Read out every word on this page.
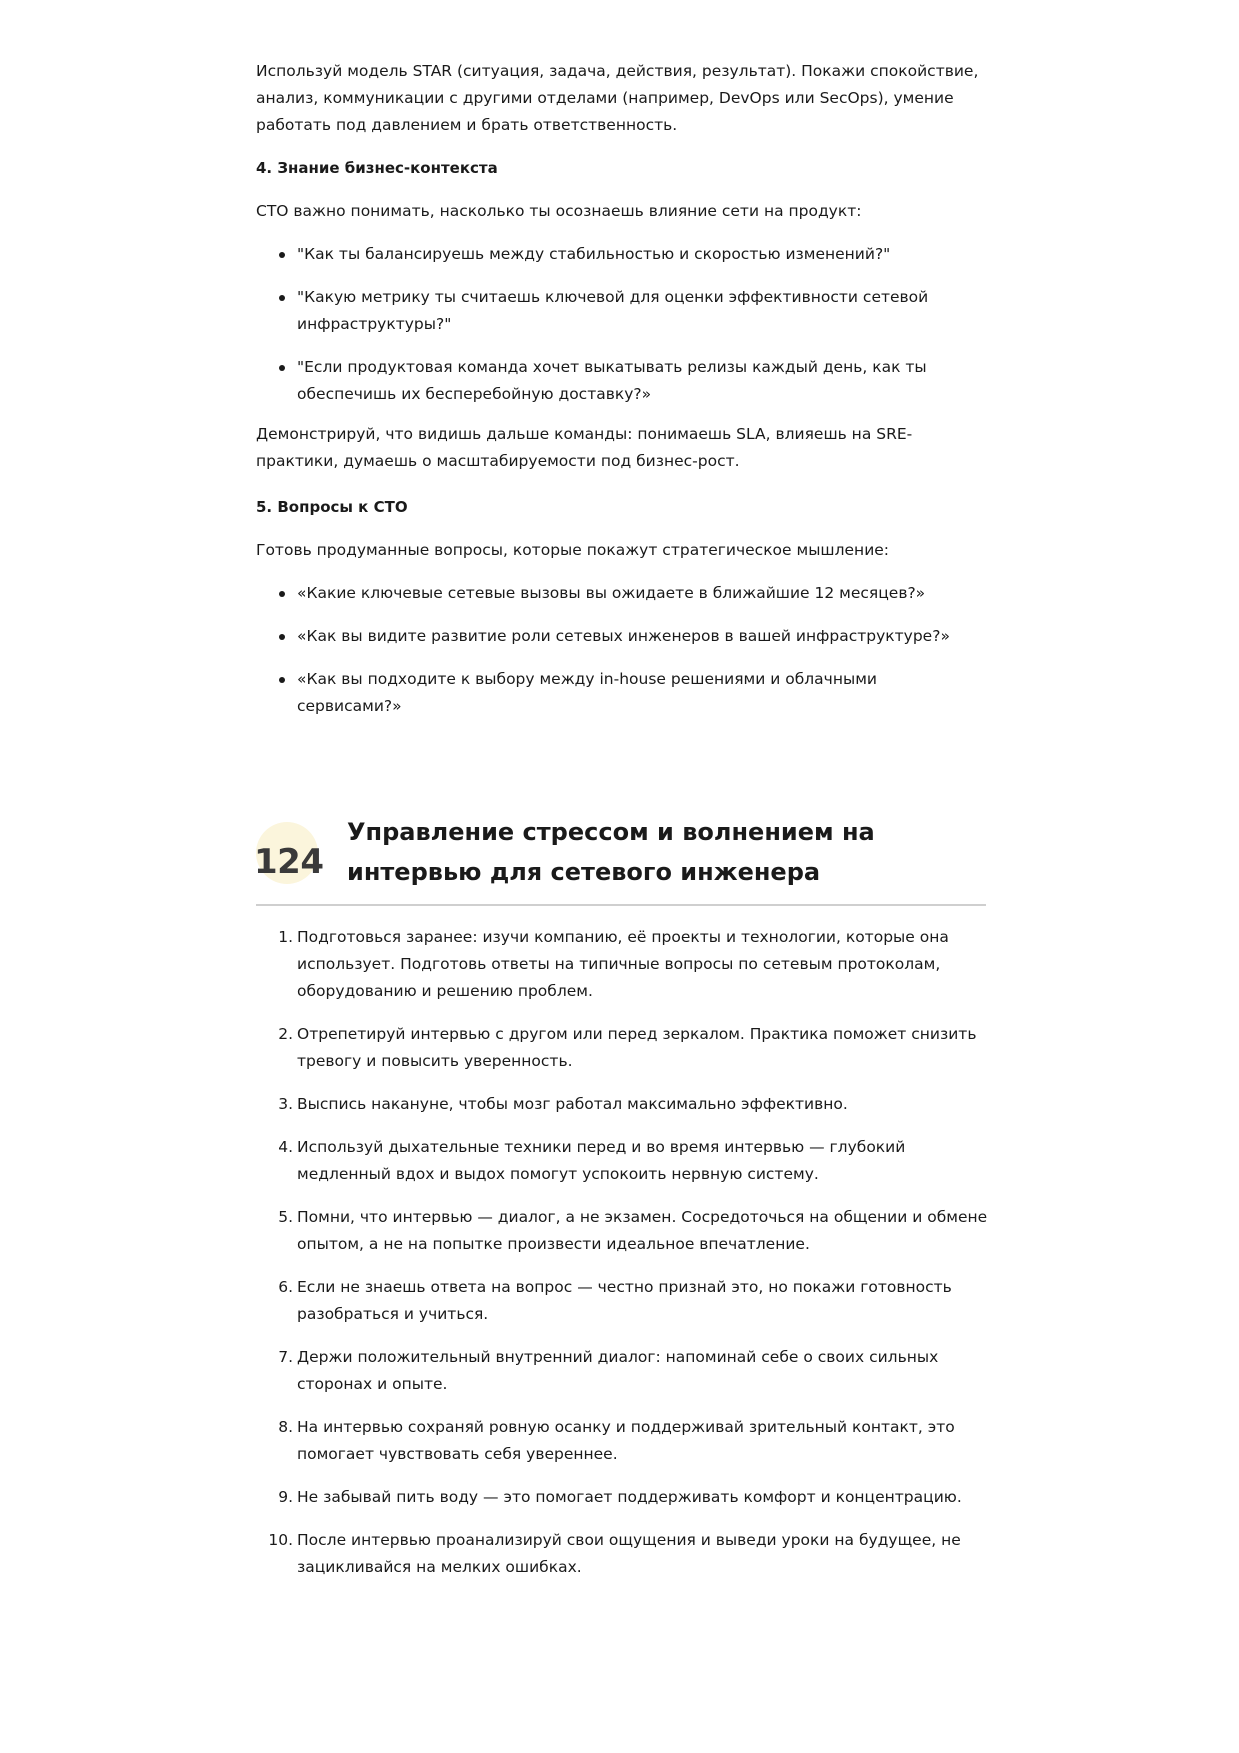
Используй модель STAR (ситуация, задача, действия, результат). Покажи спокойствие, анализ, коммуникации с другими отделами (например, DevOps или SecOps), умение работать под давлением и брать ответственность.

4. Знание бизнес-контекста

CTO важно понимать, насколько ты осознаешь влияние сети на продукт:

"Как ты балансируешь между стабильностью и скоростью изменений?"
"Какую метрику ты считаешь ключевой для оценки эффективности сетевой инфраструктуры?"
"Если продуктовая команда хочет выкатывать релизы каждый день, как ты обеспечишь их бесперебойную доставку?»

Демонстрируй, что видишь дальше команды: понимаешь SLA, влияешь на SRE-практики, думаешь о масштабируемости под бизнес-рост.

5. Вопросы к CTO

Готовь продуманные вопросы, которые покажут стратегическое мышление:

«Какие ключевые сетевые вызовы вы ожидаете в ближайшие 12 месяцев?»
«Как вы видите развитие роли сетевых инженеров в вашей инфраструктуре?»
«Как вы подходите к выбору между in-house решениями и облачными сервисами?»
124
Управление стрессом и волнением на интервью для сетевого инженера
1. Подготовься заранее: изучи компанию, её проекты и технологии, которые она использует. Подготовь ответы на типичные вопросы по сетевым протоколам, оборудованию и решению проблем.
2. Отрепетируй интервью с другом или перед зеркалом. Практика поможет снизить тревогу и повысить уверенность.
3. Выспись накануне, чтобы мозг работал максимально эффективно.
4. Используй дыхательные техники перед и во время интервью — глубокий медленный вдох и выдох помогут успокоить нервную систему.
5. Помни, что интервью — диалог, а не экзамен. Сосредоточься на общении и обмене опытом, а не на попытке произвести идеальное впечатление.
6. Если не знаешь ответа на вопрос — честно признай это, но покажи готовность разобраться и учиться.
7. Держи положительный внутренний диалог: напоминай себе о своих сильных сторонах и опыте.
8. На интервью сохраняй ровную осанку и поддерживай зрительный контакт, это помогает чувствовать себя увереннее.
9. Не забывай пить воду — это помогает поддерживать комфорт и концентрацию.
10. После интервью проанализируй свои ощущения и выведи уроки на будущее, не зацикливайся на мелких ошибках.
